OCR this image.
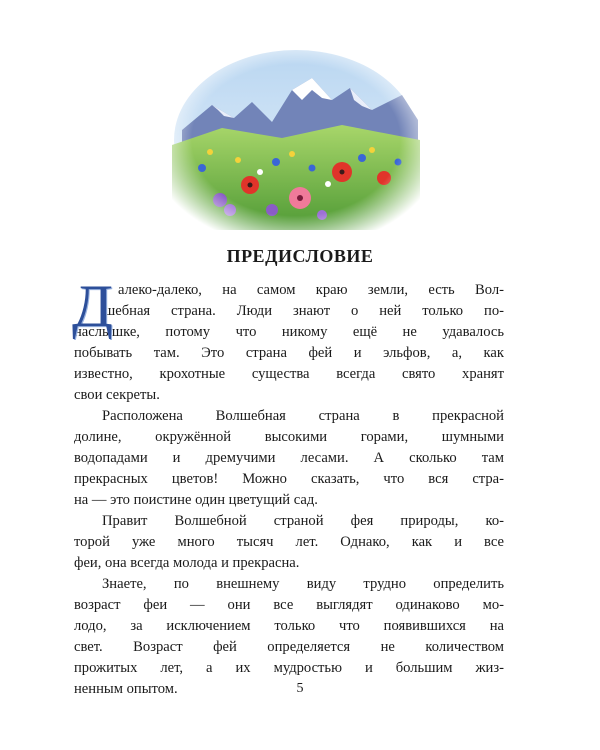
ПРЕДИСЛОВИЕ
Д алеко-далеко, на самом краю земли, есть Вол-
шебная страна. Люди знают о ней только по-
наслышке, потому что никому ещё не удавалось
побывать там. Это страна фей и эльфов, а, как
известно, крохотные существа всегда свято хранят
свои секреты.
Расположена Волшебная страна в прекрасной
долине, окружённой высокими горами, шумными
водопадами и дремучими лесами. А сколько там
прекрасных цветов! Можно сказать, что вся стра-
на — это поистине один цветущий сад.
Правит Волшебной страной фея природы, ко-
торой уже много тысяч лет. Однако, как и все
феи, она всегда молода и прекрасна.
Знаете, по внешнему виду трудно определить
возраст феи — они все выглядят одинаково мо-
лодо, за исключением только что появившихся на
свет. Возраст фей определяется не количеством
прожитых лет, а их мудростью и большим жиз-
ненным опытом.	5
